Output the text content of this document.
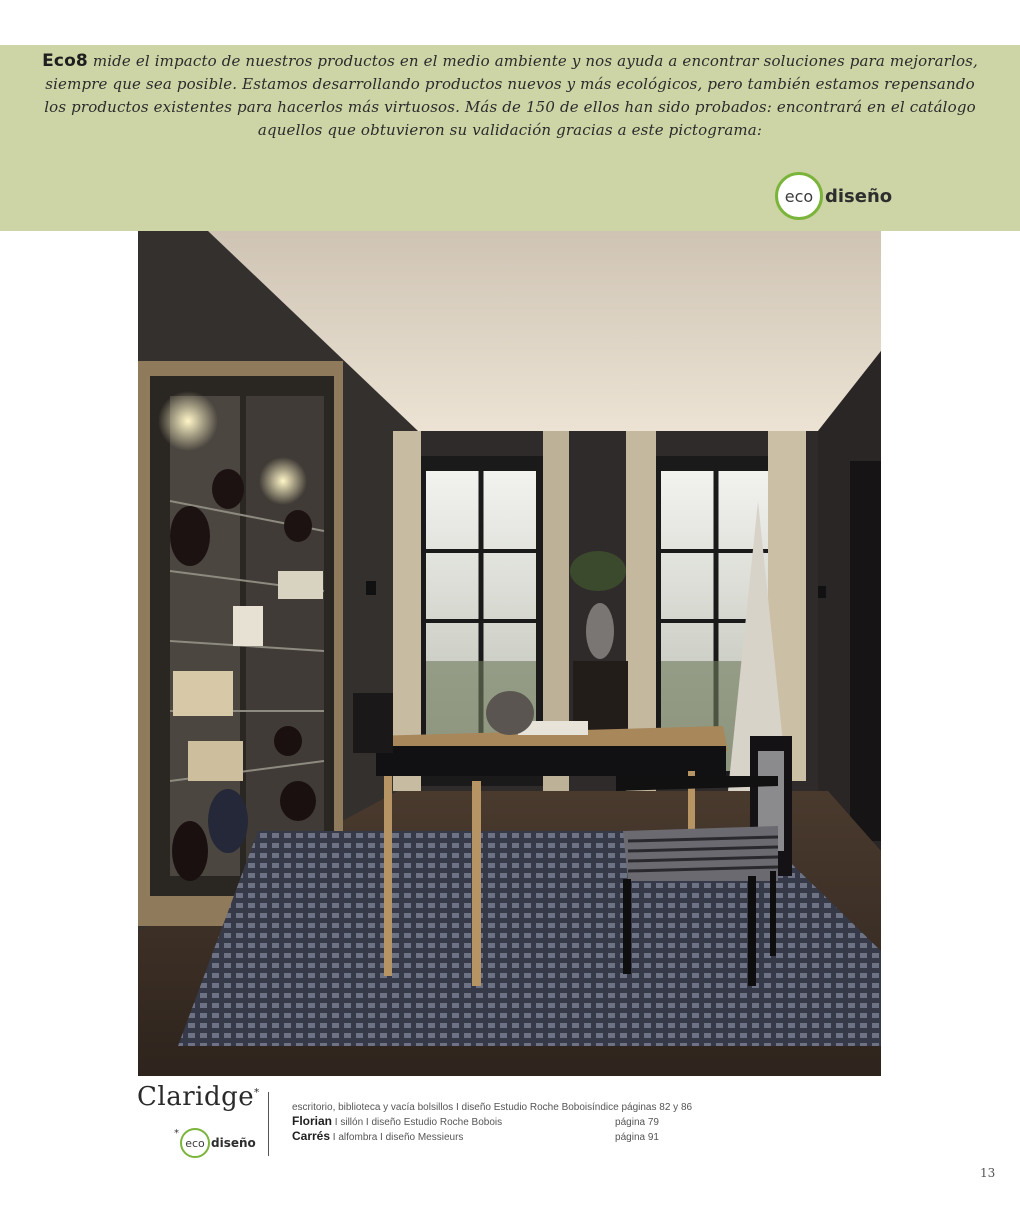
Eco8 mide el impacto de nuestros productos en el medio ambiente y nos ayuda a encontrar soluciones para mejorarlos, siempre que sea posible. Estamos desarrollando productos nuevos y más ecológicos, pero también estamos repensando los productos existentes para hacerlos más virtuosos. Más de 150 de ellos han sido probados: encontrará en el catálogo aquellos que obtuvieron su validación gracias a este pictograma:
eco diseño
Claridge*
*
eco diseño
escritorio, biblioteca y vacía bolsillos I diseño Estudio Roche Bobois índice páginas 82 y 86
Florian I sillón I diseño Estudio Roche Bobois	página 79
Carrés I alfombra I diseño Messieurs	página 91
13
